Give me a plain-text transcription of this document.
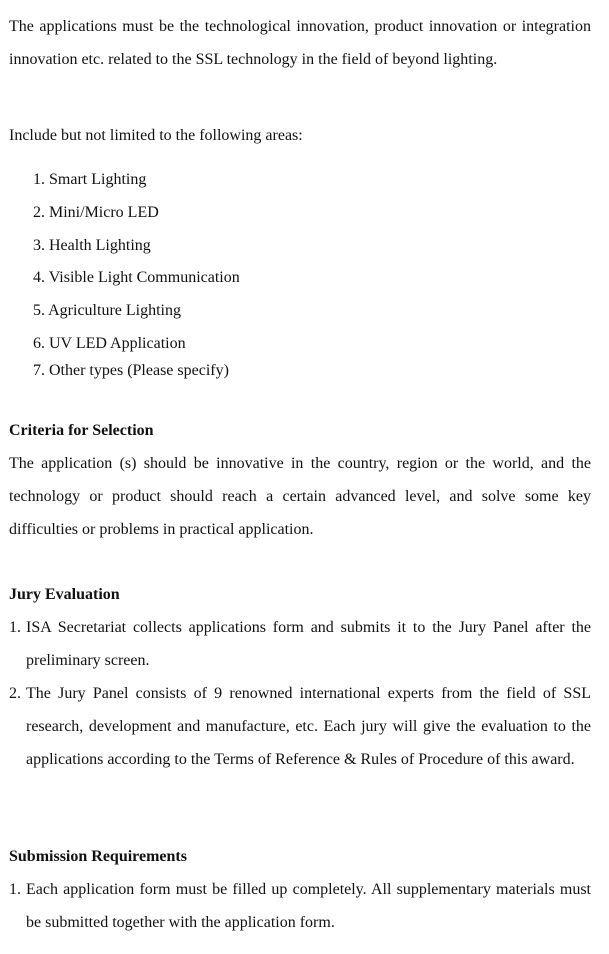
The applications must be the technological innovation, product innovation or integration innovation etc. related to the SSL technology in the field of beyond lighting.

Include but not limited to the following areas:

1. Smart Lighting

2. Mini/Micro LED

3. Health Lighting

4. Visible Light Communication

5. Agriculture Lighting

6. UV LED Application

7. Other types (Please specify)

Criteria for Selection

The application (s) should be innovative in the country, region or the world, and the technology or product should reach a certain advanced level, and solve some key difficulties or problems in practical application.

Jury Evaluation

1. ISA Secretariat collects applications form and submits it to the Jury Panel after the preliminary screen.
2. The Jury Panel consists of 9 renowned international experts from the field of SSL research, development and manufacture, etc. Each jury will give the evaluation to the applications according to the Terms of Reference & Rules of Procedure of this award.

Submission Requirements

1. Each application form must be filled up completely. All supplementary materials must be submitted together with the application form.
